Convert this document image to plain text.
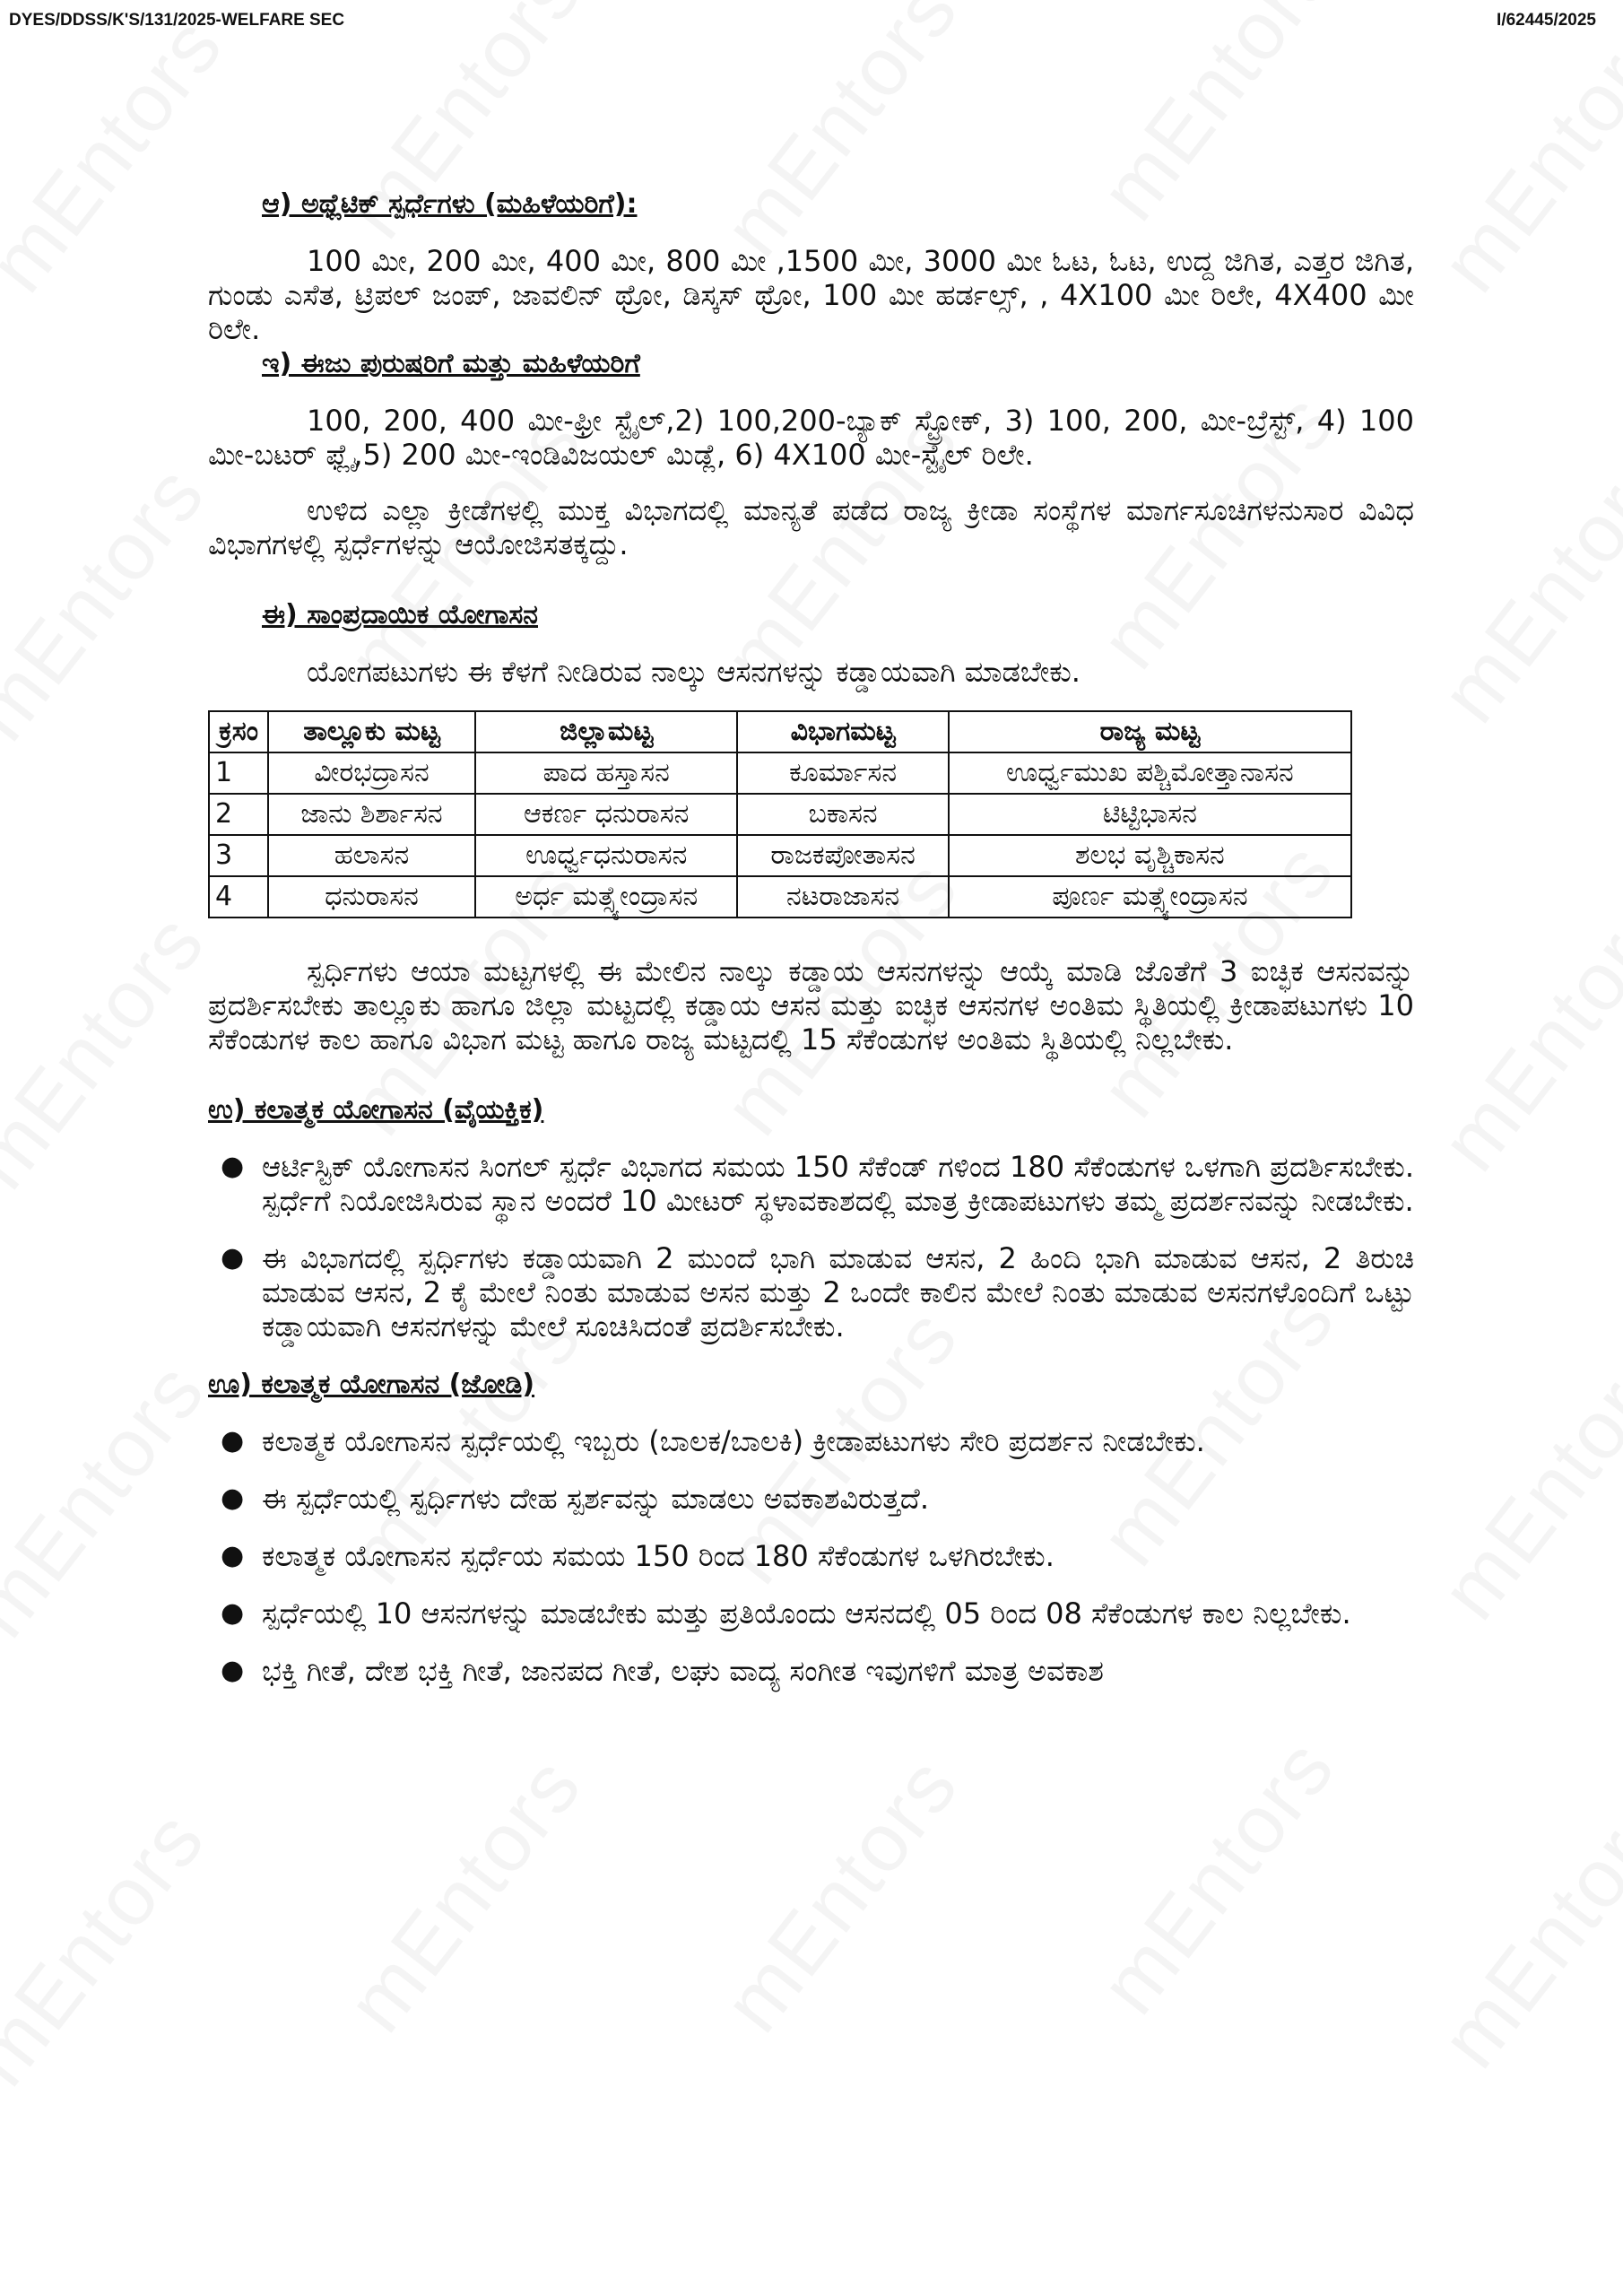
DYES/DDSS/K'S/131/2025-WELFARE SEC	I/62445/2025
ಆ) ಅಥ್ಲೆಟಿಕ್ ಸ್ಪರ್ಧೆಗಳು (ಮಹಿಳೆಯರಿಗೆ):

100 ಮೀ, 200 ಮೀ, 400 ಮೀ, 800 ಮೀ ,1500 ಮೀ, 3000 ಮೀ ಓಟ, ಓಟ, ಉದ್ದ ಜಿಗಿತ, ಎತ್ತರ ಜಿಗಿತ, ಗುಂಡು ಎಸೆತ, ಟ್ರಿಪಲ್ ಜಂಪ್, ಜಾವಲಿನ್ ಥ್ರೋ, ಡಿಸ್ಕಸ್ ಥ್ರೋ, 100 ಮೀ ಹರ್ಡಲ್ಸ್, , 4X100 ಮೀ ರಿಲೇ, 4X400 ಮೀ ರಿಲೇ.

ಇ) ಈಜು ಪುರುಷರಿಗೆ ಮತ್ತು ಮಹಿಳೆಯರಿಗೆ

100, 200, 400 ಮೀ-ಫ್ರೀ ಸ್ಟೈಲ್,2) 100,200-ಬ್ಯಾಕ್ ಸ್ಟ್ರೋಕ್, 3) 100, 200, ಮೀ-ಬ್ರೆಸ್ಟ್, 4) 100 ಮೀ-ಬಟರ್ ಫ್ಲೈ,5) 200 ಮೀ-ಇಂಡಿವಿಜಯಲ್ ಮಿಡ್ಲೆ, 6) 4X100 ಮೀ-ಸ್ಟೈಲ್ ರಿಲೇ.

ಉಳಿದ ಎಲ್ಲಾ ಕ್ರೀಡೆಗಳಲ್ಲಿ ಮುಕ್ತ ವಿಭಾಗದಲ್ಲಿ ಮಾನ್ಯತೆ ಪಡೆದ ರಾಜ್ಯ ಕ್ರೀಡಾ ಸಂಸ್ಥೆಗಳ ಮಾರ್ಗಸೂಚಿಗಳನುಸಾರ ವಿವಿಧ ವಿಭಾಗಗಳಲ್ಲಿ ಸ್ಪರ್ಧೆಗಳನ್ನು ಆಯೋಜಿಸತಕ್ಕದ್ದು.

ಈ) ಸಾಂಪ್ರದಾಯಿಕ ಯೋಗಾಸನ

ಯೋಗಪಟುಗಳು ಈ ಕೆಳಗೆ ನೀಡಿರುವ ನಾಲ್ಕು ಆಸನಗಳನ್ನು ಕಡ್ಡಾಯವಾಗಿ ಮಾಡಬೇಕು.

ಕ್ರಸಂ	ತಾಲ್ಲೂಕು ಮಟ್ಟ	ಜಿಲ್ಲಾಮಟ್ಟ	ವಿಭಾಗಮಟ್ಟ	ರಾಜ್ಯ ಮಟ್ಟ
1	ವೀರಭದ್ರಾಸನ	ಪಾದ ಹಸ್ತಾಸನ	ಕೂರ್ಮಾಸನ	ಊರ್ಧ್ವಮುಖ ಪಶ್ಚಿಮೋತ್ತಾನಾಸನ
2	ಜಾನು ಶಿರ್ಶಾಸನ	ಆಕರ್ಣ ಧನುರಾಸನ	ಬಕಾಸನ	ಟಿಟ್ಟಿಭಾಸನ
3	ಹಲಾಸನ	ಊರ್ಧ್ವಧನುರಾಸನ	ರಾಜಕಪೋತಾಸನ	ಶಲಭ ವೃಶ್ಚಿಕಾಸನ
4	ಧನುರಾಸನ	ಅರ್ಧ ಮತ್ಸ್ಯೇಂದ್ರಾಸನ	ನಟರಾಜಾಸನ	ಪೂರ್ಣ ಮತ್ಸ್ಯೇಂದ್ರಾಸನ

ಸ್ಪರ್ಧಿಗಳು ಆಯಾ ಮಟ್ಟಗಳಲ್ಲಿ ಈ ಮೇಲಿನ ನಾಲ್ಕು ಕಡ್ಡಾಯ ಆಸನಗಳನ್ನು ಆಯ್ಕೆ ಮಾಡಿ ಜೊತೆಗೆ 3 ಐಚ್ಛಿಕ ಆಸನವನ್ನು ಪ್ರದರ್ಶಿಸಬೇಕು ತಾಲ್ಲೂಕು ಹಾಗೂ ಜಿಲ್ಲಾ ಮಟ್ಟದಲ್ಲಿ ಕಡ್ಡಾಯ ಆಸನ ಮತ್ತು ಐಚ್ಛಿಕ ಆಸನಗಳ ಅಂತಿಮ ಸ್ಥಿತಿಯಲ್ಲಿ ಕ್ರೀಡಾಪಟುಗಳು 10 ಸೆಕೆಂಡುಗಳ ಕಾಲ ಹಾಗೂ ವಿಭಾಗ ಮಟ್ಟ ಹಾಗೂ ರಾಜ್ಯ ಮಟ್ಟದಲ್ಲಿ 15 ಸೆಕೆಂಡುಗಳ ಅಂತಿಮ ಸ್ಥಿತಿಯಲ್ಲಿ ನಿಲ್ಲಬೇಕು.

ಉ) ಕಲಾತ್ಮಕ ಯೋಗಾಸನ (ವೈಯಕ್ತಿಕ)
● ಆರ್ಟಿಸ್ಟಿಕ್ ಯೋಗಾಸನ ಸಿಂಗಲ್ ಸ್ಪರ್ಧೆ ವಿಭಾಗದ ಸಮಯ 150 ಸೆಕೆಂಡ್ ಗಳಿಂದ 180 ಸೆಕೆಂಡುಗಳ ಒಳಗಾಗಿ ಪ್ರದರ್ಶಿಸಬೇಕು. ಸ್ಪರ್ಧೆಗೆ ನಿಯೋಜಿಸಿರುವ ಸ್ಥಾನ ಅಂದರೆ 10 ಮೀಟರ್ ಸ್ಥಳಾವಕಾಶದಲ್ಲಿ ಮಾತ್ರ ಕ್ರೀಡಾಪಟುಗಳು ತಮ್ಮ ಪ್ರದರ್ಶನವನ್ನು ನೀಡಬೇಕು.
● ಈ ವಿಭಾಗದಲ್ಲಿ ಸ್ಪರ್ಧಿಗಳು ಕಡ್ಡಾಯವಾಗಿ 2 ಮುಂದೆ ಭಾಗಿ ಮಾಡುವ ಆಸನ, 2 ಹಿಂದಿ ಭಾಗಿ ಮಾಡುವ ಆಸನ, 2 ತಿರುಚಿ ಮಾಡುವ ಆಸನ, 2 ಕೈ ಮೇಲೆ ನಿಂತು ಮಾಡುವ ಅಸನ ಮತ್ತು 2 ಒಂದೇ ಕಾಲಿನ ಮೇಲೆ ನಿಂತು ಮಾಡುವ ಅಸನಗಳೊಂದಿಗೆ ಒಟ್ಟು ಕಡ್ಡಾಯವಾಗಿ ಆಸನಗಳನ್ನು ಮೇಲೆ ಸೂಚಿಸಿದಂತೆ ಪ್ರದರ್ಶಿಸಬೇಕು.
ಊ) ಕಲಾತ್ಮಕ ಯೋಗಾಸನ (ಜೋಡಿ)
● ಕಲಾತ್ಮಕ ಯೋಗಾಸನ ಸ್ಪರ್ಧೆಯಲ್ಲಿ ಇಬ್ಬರು (ಬಾಲಕ/ಬಾಲಕಿ) ಕ್ರೀಡಾಪಟುಗಳು ಸೇರಿ ಪ್ರದರ್ಶನ ನೀಡಬೇಕು.
● ಈ ಸ್ಪರ್ಧೆಯಲ್ಲಿ ಸ್ಪರ್ಧಿಗಳು ದೇಹ ಸ್ಪರ್ಶವನ್ನು ಮಾಡಲು ಅವಕಾಶವಿರುತ್ತದೆ.
● ಕಲಾತ್ಮಕ ಯೋಗಾಸನ ಸ್ಪರ್ಧೆಯ ಸಮಯ 150 ರಿಂದ 180 ಸೆಕೆಂಡುಗಳ ಒಳಗಿರಬೇಕು.
● ಸ್ಪರ್ಧೆಯಲ್ಲಿ 10 ಆಸನಗಳನ್ನು ಮಾಡಬೇಕು ಮತ್ತು ಪ್ರತಿಯೊಂದು ಆಸನದಲ್ಲಿ 05 ರಿಂದ 08 ಸೆಕೆಂಡುಗಳ ಕಾಲ ನಿಲ್ಲಬೇಕು.
● ಭಕ್ತಿ ಗೀತೆ, ದೇಶ ಭಕ್ತಿ ಗೀತೆ, ಜಾನಪದ ಗೀತೆ, ಲಘು ವಾದ್ಯ ಸಂಗೀತ ಇವುಗಳಿಗೆ ಮಾತ್ರ ಅವಕಾಶ
